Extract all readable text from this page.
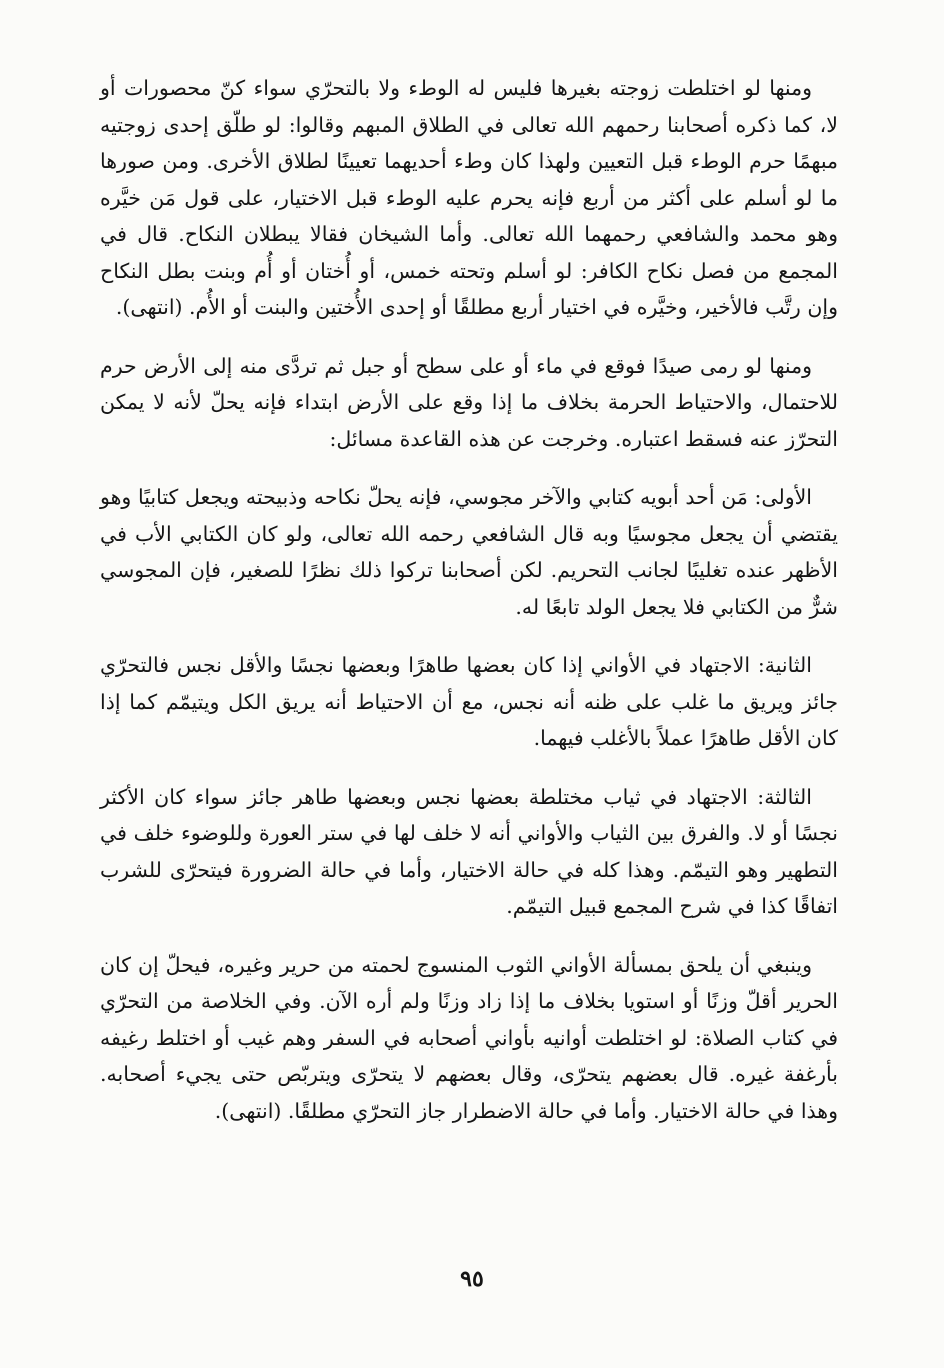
ومنها لو اختلطت زوجته بغيرها فليس له الوطء ولا بالتحرّي سواء كنّ محصورات أو لا، كما ذكره أصحابنا رحمهم الله تعالى في الطلاق المبهم وقالوا: لو طلّق إحدى زوجتيه مبهمًا حرم الوطء قبل التعيين ولهذا كان وطء أحديهما تعيينًا لطلاق الأخرى. ومن صورها ما لو أسلم على أكثر من أربع فإنه يحرم عليه الوطء قبل الاختيار، على قول مَن خيَّره وهو محمد والشافعي رحمهما الله تعالى. وأما الشيخان فقالا يبطلان النكاح. قال في المجمع من فصل نكاح الكافر: لو أسلم وتحته خمس، أو أُختان أو أُم وبنت بطل النكاح وإن رتَّب فالأخير، وخيَّره في اختيار أربع مطلقًا أو إحدى الأُختين والبنت أو الأُم. (انتهى).

ومنها لو رمى صيدًا فوقع في ماء أو على سطح أو جبل ثم تردَّى منه إلى الأرض حرم للاحتمال، والاحتياط الحرمة بخلاف ما إذا وقع على الأرض ابتداء فإنه يحلّ لأنه لا يمكن التحرّز عنه فسقط اعتباره. وخرجت عن هذه القاعدة مسائل:

الأولى: مَن أحد أبويه كتابي والآخر مجوسي، فإنه يحلّ نكاحه وذبيحته ويجعل كتابيًا وهو يقتضي أن يجعل مجوسيًا وبه قال الشافعي رحمه الله تعالى، ولو كان الكتابي الأب في الأظهر عنده تغليبًا لجانب التحريم. لكن أصحابنا تركوا ذلك نظرًا للصغير، فإن المجوسي شرٌّ من الكتابي فلا يجعل الولد تابعًا له.

الثانية: الاجتهاد في الأواني إذا كان بعضها طاهرًا وبعضها نجسًا والأقل نجس فالتحرّي جائز ويريق ما غلب على ظنه أنه نجس، مع أن الاحتياط أنه يريق الكل ويتيمّم كما إذا كان الأقل طاهرًا عملاً بالأغلب فيهما.

الثالثة: الاجتهاد في ثياب مختلطة بعضها نجس وبعضها طاهر جائز سواء كان الأكثر نجسًا أو لا. والفرق بين الثياب والأواني أنه لا خلف لها في ستر العورة وللوضوء خلف في التطهير وهو التيمّم. وهذا كله في حالة الاختيار، وأما في حالة الضرورة فيتحرّى للشرب اتفاقًا كذا في شرح المجمع قبيل التيمّم.

وينبغي أن يلحق بمسألة الأواني الثوب المنسوج لحمته من حرير وغيره، فيحلّ إن كان الحرير أقلّ وزنًا أو استويا بخلاف ما إذا زاد وزنًا ولم أره الآن. وفي الخلاصة من التحرّي في كتاب الصلاة: لو اختلطت أوانيه بأواني أصحابه في السفر وهم غيب أو اختلط رغيفه بأرغفة غيره. قال بعضهم يتحرّى، وقال بعضهم لا يتحرّى ويتربّص حتى يجيء أصحابه. وهذا في حالة الاختيار. وأما في حالة الاضطرار جاز التحرّي مطلقًا. (انتهى).

٩٥
